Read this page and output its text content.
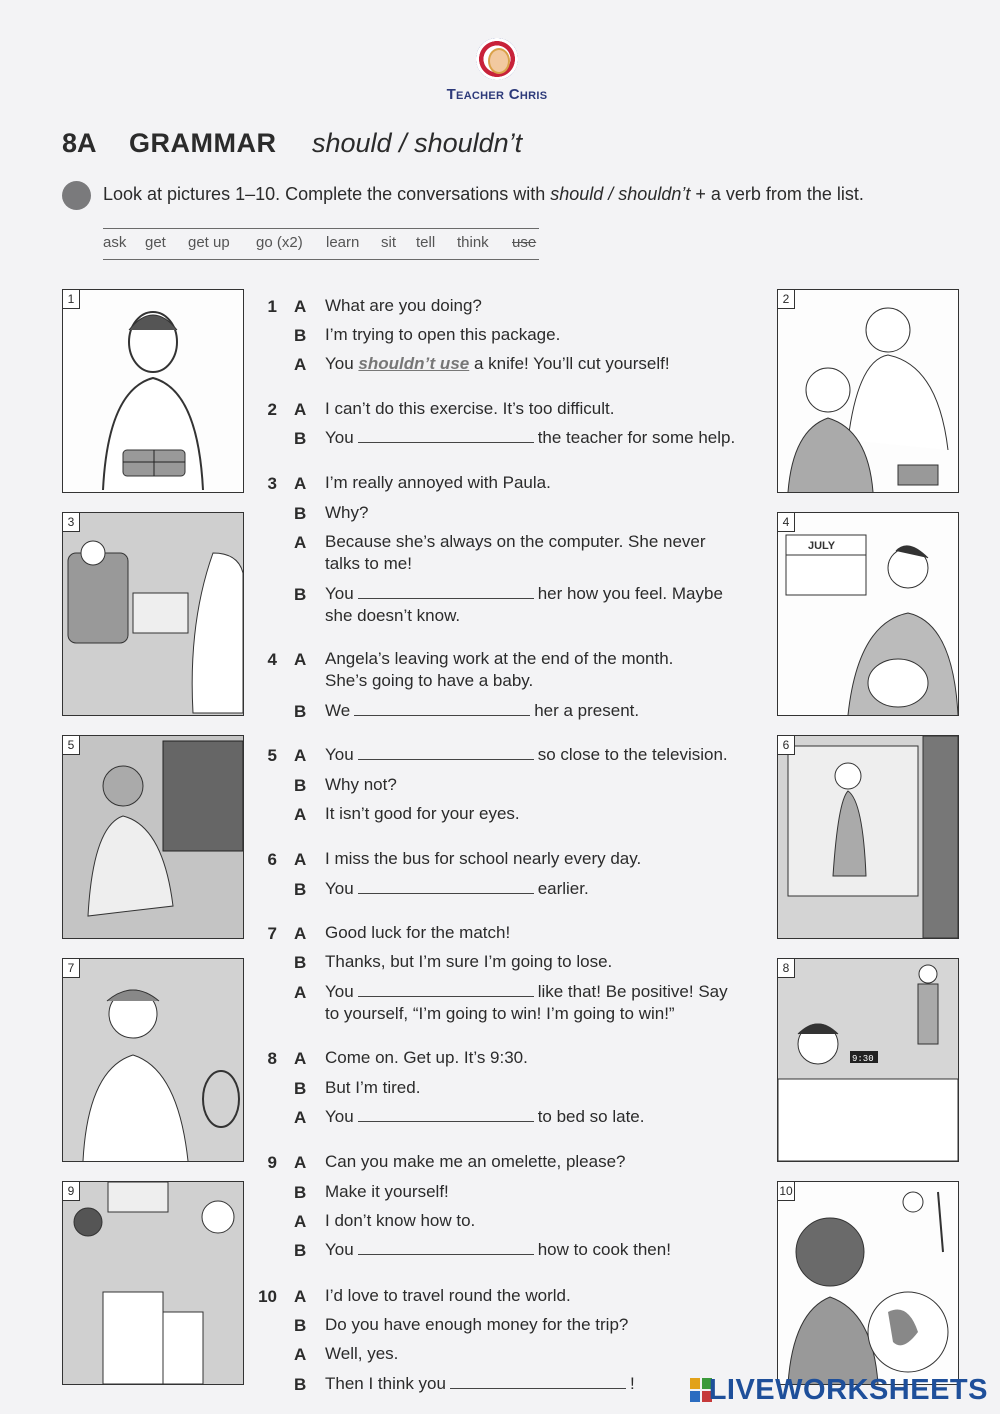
Teacher Chris
8A GRAMMAR should / shouldn’t
Look at pictures 1–10. Complete the conversations with should / shouldn’t + a verb from the list.
ask get get up go (x2) learn sit tell think use
1
3
5
7
9
2
4
JULY
6
8
9:30
10
1 A What are you doing?
B I’m trying to open this package.
A You shouldn’t use a knife! You’ll cut yourself!
2 A I can’t do this exercise. It’s too difficult.
B You	the teacher for some help.
3 A I’m really annoyed with Paula.
B Why?
A Because she’s always on the computer. She never
talks to me!
B You	her how you feel. Maybe
she doesn’t know.
4 A Angela’s leaving work at the end of the month.
She’s going to have a baby.
B We	her a present.
5 A You	so close to the television.
B Why not?
A It isn’t good for your eyes.
6 A I miss the bus for school nearly every day.
B You	earlier.
7 A Good luck for the match!
B Thanks, but I’m sure I’m going to lose.
A You	like that! Be positive! Say
to yourself, “I’m going to win! I’m going to win!”
8 A Come on. Get up. It’s 9:30.
B But I’m tired.
A You	to bed so late.
9 A Can you make me an omelette, please?
B Make it yourself!
A I don’t know how to.
B You	how to cook then!
10 A I’d love to travel round the world.
B Do you have enough money for the trip?
A Well, yes.
B Then I think you	!	LIVEWORKSHEETS
